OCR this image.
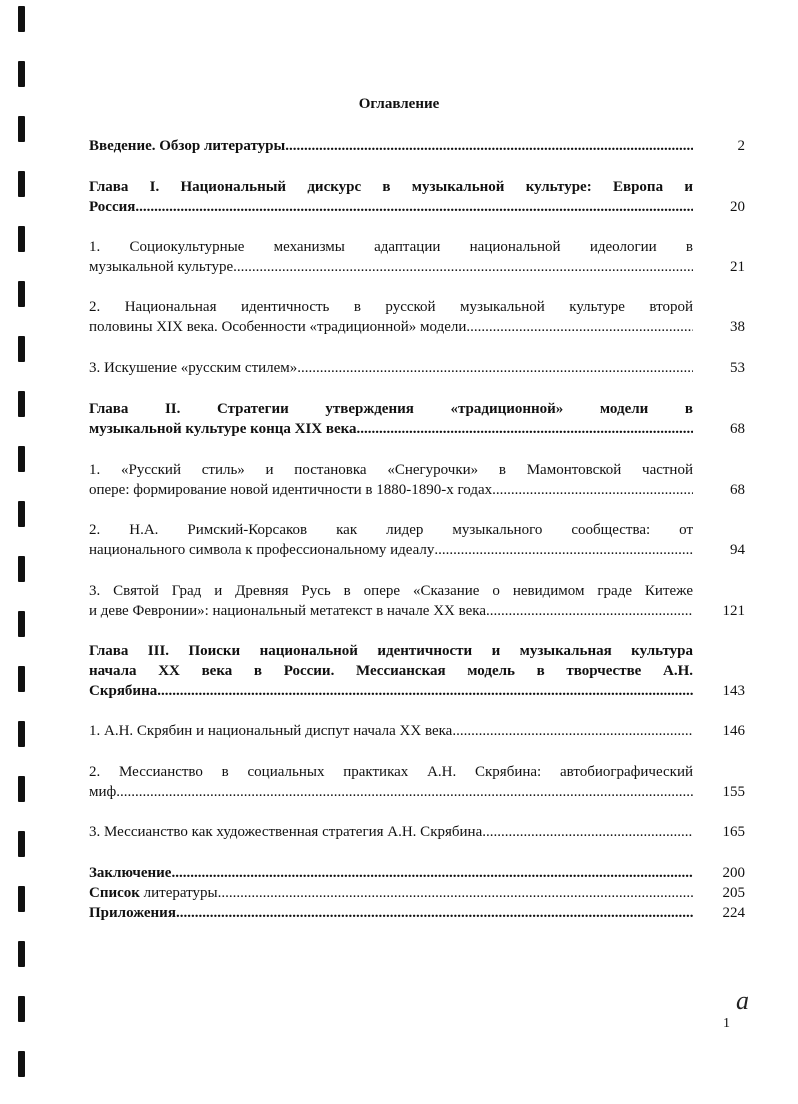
Оглавление
Введение. Обзор литературы .....	2
Глава I. Национальный дискурс в музыкальной культуре: Европа и
Россия .....	20
1. Социокультурные механизмы адаптации национальной идеологии в
музыкальной культуре..... .....	21
2. Национальная идентичность в русской музыкальной культуре второй
половины XIX века. Особенности «традиционной» модели .....	38
3. Искушение «русским стилем» .....	53
Глава II. Стратегии утверждения «традиционной» модели в
музыкальной культуре конца XIX века .....	68
1. «Русский стиль» и постановка «Снегурочки» в Мамонтовской частной
опере: формирование новой идентичности в 1880-1890-х годах .....	68
2. Н.А. Римский-Корсаков как лидер музыкального сообщества: от
национального символа к профессиональному идеалу .....	94
3. Святой Град и Древняя Русь в опере «Сказание о невидимом граде Китеже
и деве Февронии»: национальный метатекст в начале XX века .....	121
Глава III. Поиски национальной идентичности и музыкальная культура
начала XX века в России. Мессианская модель в творчестве А.Н.
Скрябина .....	143
1. А.Н. Скрябин и национальный диспут начала XX века .....	146
2. Мессианство в социальных практиках А.Н. Скрябина: автобиографический
миф .....	155
3. Мессианство как художественная стратегия А.Н. Скрябина .....	165
Заключение .....	200
Список литературы .....	205
Приложения .....	224
1
a
